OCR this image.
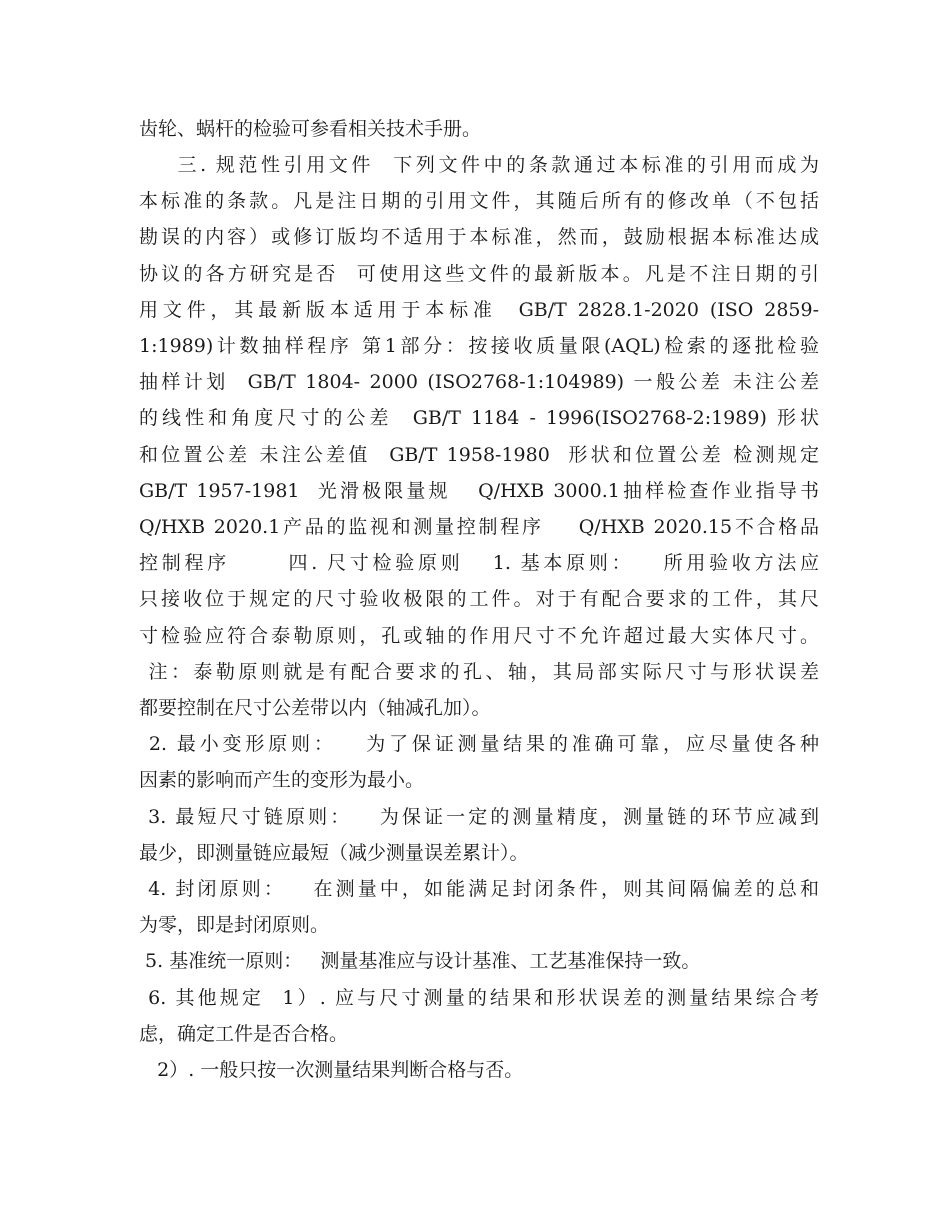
齿轮、蜗杆的检验可参看相关技术手册。
三. 规范性引用文件  下列文件中的条款通过本标准的引用而成为
本标准的条款。凡是注日期的引用文件，其随后所有的修改单（不包括
勘误的内容）或修订版均不适用于本标准，然而，鼓励根据本标准达成
协议的各方研究是否  可使用这些文件的最新版本。凡是不注日期的引
用文件，其最新版本适用于本标准  GB/T 2828.1-2020 (ISO 2859-
1:1989)计数抽样程序 第1部分：按接收质量限(AQL)检索的逐批检验
抽样计划  GB/T 1804- 2000 (ISO2768-1:104989) 一般公差 未注公差
的线性和角度尺寸的公差  GB/T 1184 - 1996(ISO2768-2:1989) 形状
和位置公差 未注公差值  GB/T 1958-1980  形状和位置公差 检测规定
GB/T 1957-1981  光滑极限量规   Q/HXB 3000.1抽样检查作业指导书
Q/HXB 2020.1产品的监视和测量控制程序    Q/HXB 2020.15不合格品
控制程序      四. 尺寸检验原则   1. 基本原则：   所用验收方法应
只接收位于规定的尺寸验收极限的工件。对于有配合要求的工件，其尺
寸检验应符合泰勒原则，孔或轴的作用尺寸不允许超过最大实体尺寸。
注：泰勒原则就是有配合要求的孔、轴，其局部实际尺寸与形状误差
都要控制在尺寸公差带以内（轴减孔加）。
2. 最小变形原则：   为了保证测量结果的准确可靠，应尽量使各种
因素的影响而产生的变形为最小。
3. 最短尺寸链原则：   为保证一定的测量精度，测量链的环节应减到
最少，即测量链应最短（减少测量误差累计）。
4. 封闭原则：   在测量中，如能满足封闭条件，则其间隔偏差的总和
为零，即是封闭原则。
5. 基准统一原则：   测量基准应与设计基准、工艺基准保持一致。
6. 其他规定  1）. 应与尺寸测量的结果和形状误差的测量结果综合考
虑，确定工件是否合格。
2）. 一般只按一次测量结果判断合格与否。
